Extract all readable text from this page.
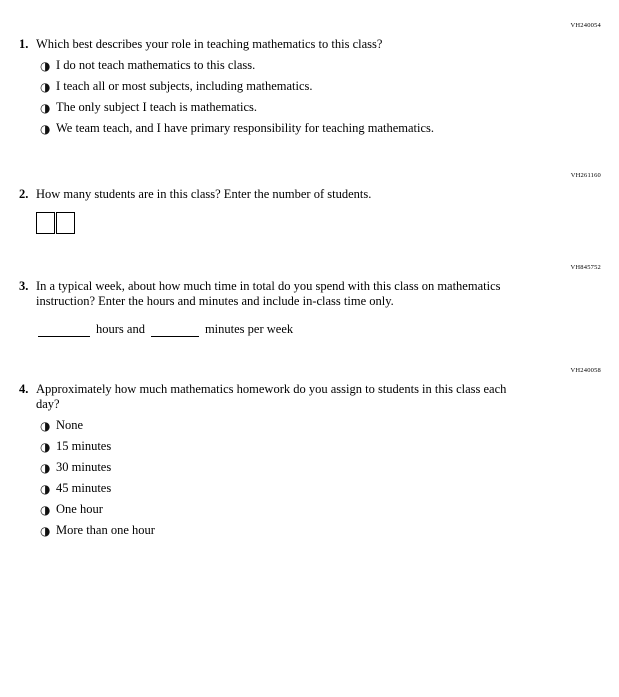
VH240054
1. Which best describes your role in teaching mathematics to this class?
◑ I do not teach mathematics to this class.
◑ I teach all or most subjects, including mathematics.
◑ The only subject I teach is mathematics.
◑ We team teach, and I have primary responsibility for teaching mathematics.
VH261160
2. How many students are in this class? Enter the number of students.
VH845752
3. In a typical week, about how much time in total do you spend with this class on mathematics instruction? Enter the hours and minutes and include in-class time only.
hours and	minutes per week
VH240058
4. Approximately how much mathematics homework do you assign to students in this class each day?
◑ None
◑ 15 minutes
◑ 30 minutes
◑ 45 minutes
◑ One hour
◑ More than one hour
